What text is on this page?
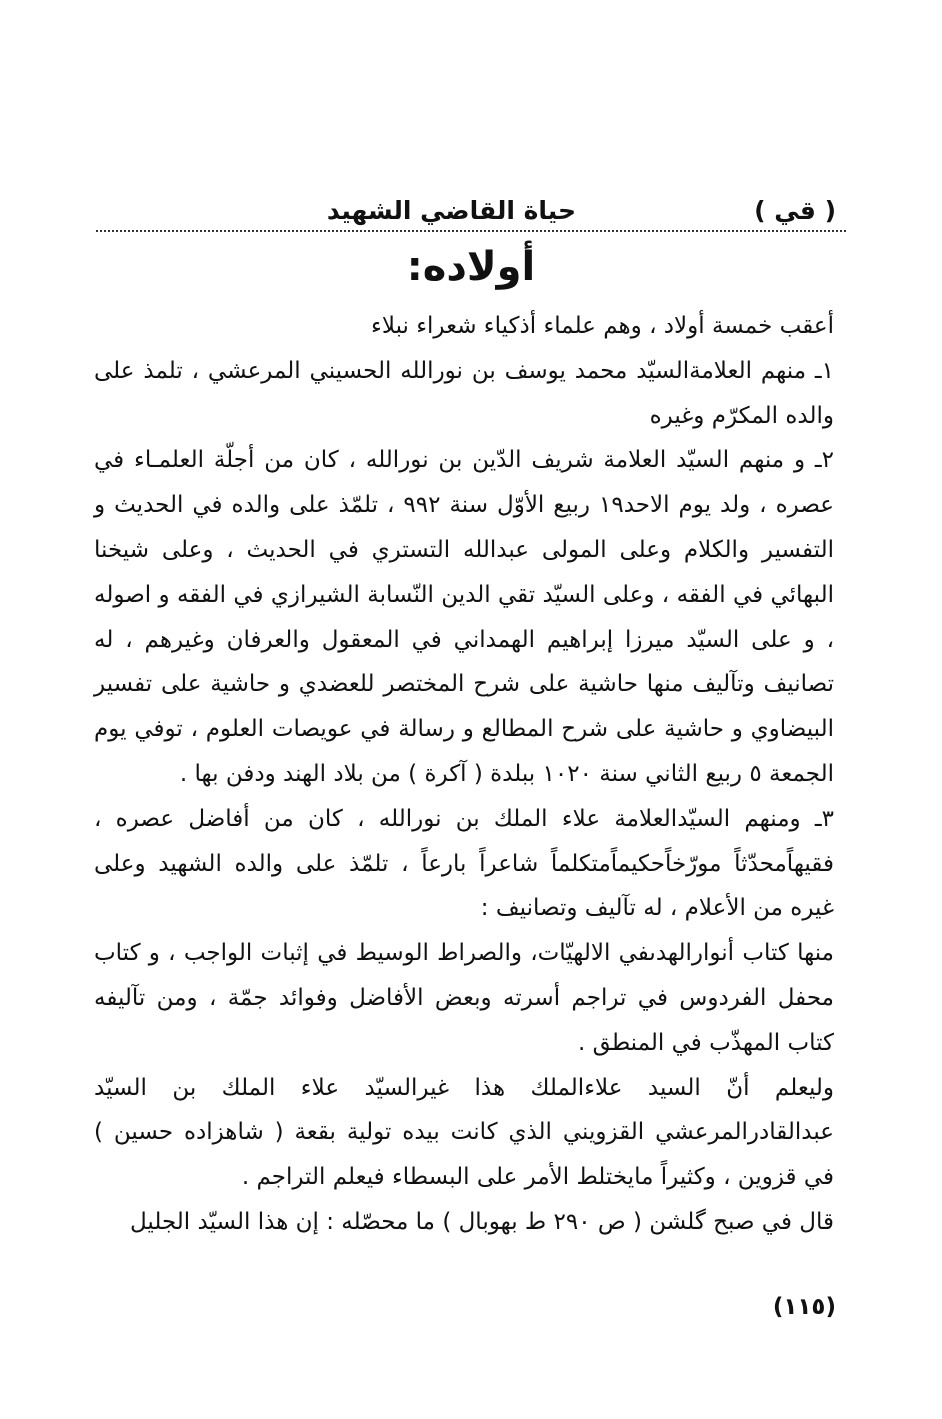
( قي )
حياة القاضي الشهيد
أولاده:

أعقب خمسة أولاد ، وهم علماء أذكياء شعراء نبلاء

١ـ منهم العلامةالسيّد محمد يوسف بن نورالله الحسيني المرعشي ، تلمذ على والده المكرّم وغيره

٢ـ و منهم السيّد العلامة شريف الدّين بن نورالله ، كان من أجلّة العلمـاء في عصره ، ولد يوم الاحد١٩ ربيع الأوّل سنة ٩٩٢ ، تلمّذ على والده في الحديث و التفسير والكلام وعلى المولى عبدالله التستري في الحديث ، وعلى شيخنا البهائي في الفقه ، وعلى السيّد تقي الدين النّسابة الشيرازي في الفقه و اصوله ، و على السيّد ميرزا إبراهيم الهمداني في المعقول والعرفان وغيرهم ، له تصانيف وتآليف منها حاشية على شرح المختصر للعضدي و حاشية على تفسير البيضاوي و حاشية على شرح المطالع و رسالة في عويصات العلوم ، توفي يوم الجمعة ٥ ربيع الثاني سنة ١٠٢٠ ببلدة ( آكرة ) من بلاد الهند ودفن بها .

٣ـ ومنهم السيّدالعلامة علاء الملك بن نورالله ، كان من أفاضل عصره ، فقيهاًمحدّثاً مورّخاًحكيماًمتكلماً شاعراً بارعاً ، تلمّذ على والده الشهيد وعلى غيره من الأعلام ، له تآليف وتصانيف :

منها كتاب أنوارالهدىفي الالهيّات، والصراط الوسيط في إثبات الواجب ، و كتاب محفل الفردوس في تراجم أسرته وبعض الأفاضل وفوائد جمّة ، ومن تآليفه كتاب المهذّب في المنطق .

وليعلم أنّ السيد علاءالملك هذا غيرالسيّد علاء الملك بن السيّد عبدالقادرالمرعشي القزويني الذي كانت بيده تولية بقعة ( شاهزاده حسين ) في قزوين ، وكثيراً مايختلط الأمر على البسطاء فيعلم التراجم .

قال في صبح گلشن ( ص ٢٩٠ ط بهوبال ) ما محصّله : إن هذا السيّد الجليل

(١١٥)
